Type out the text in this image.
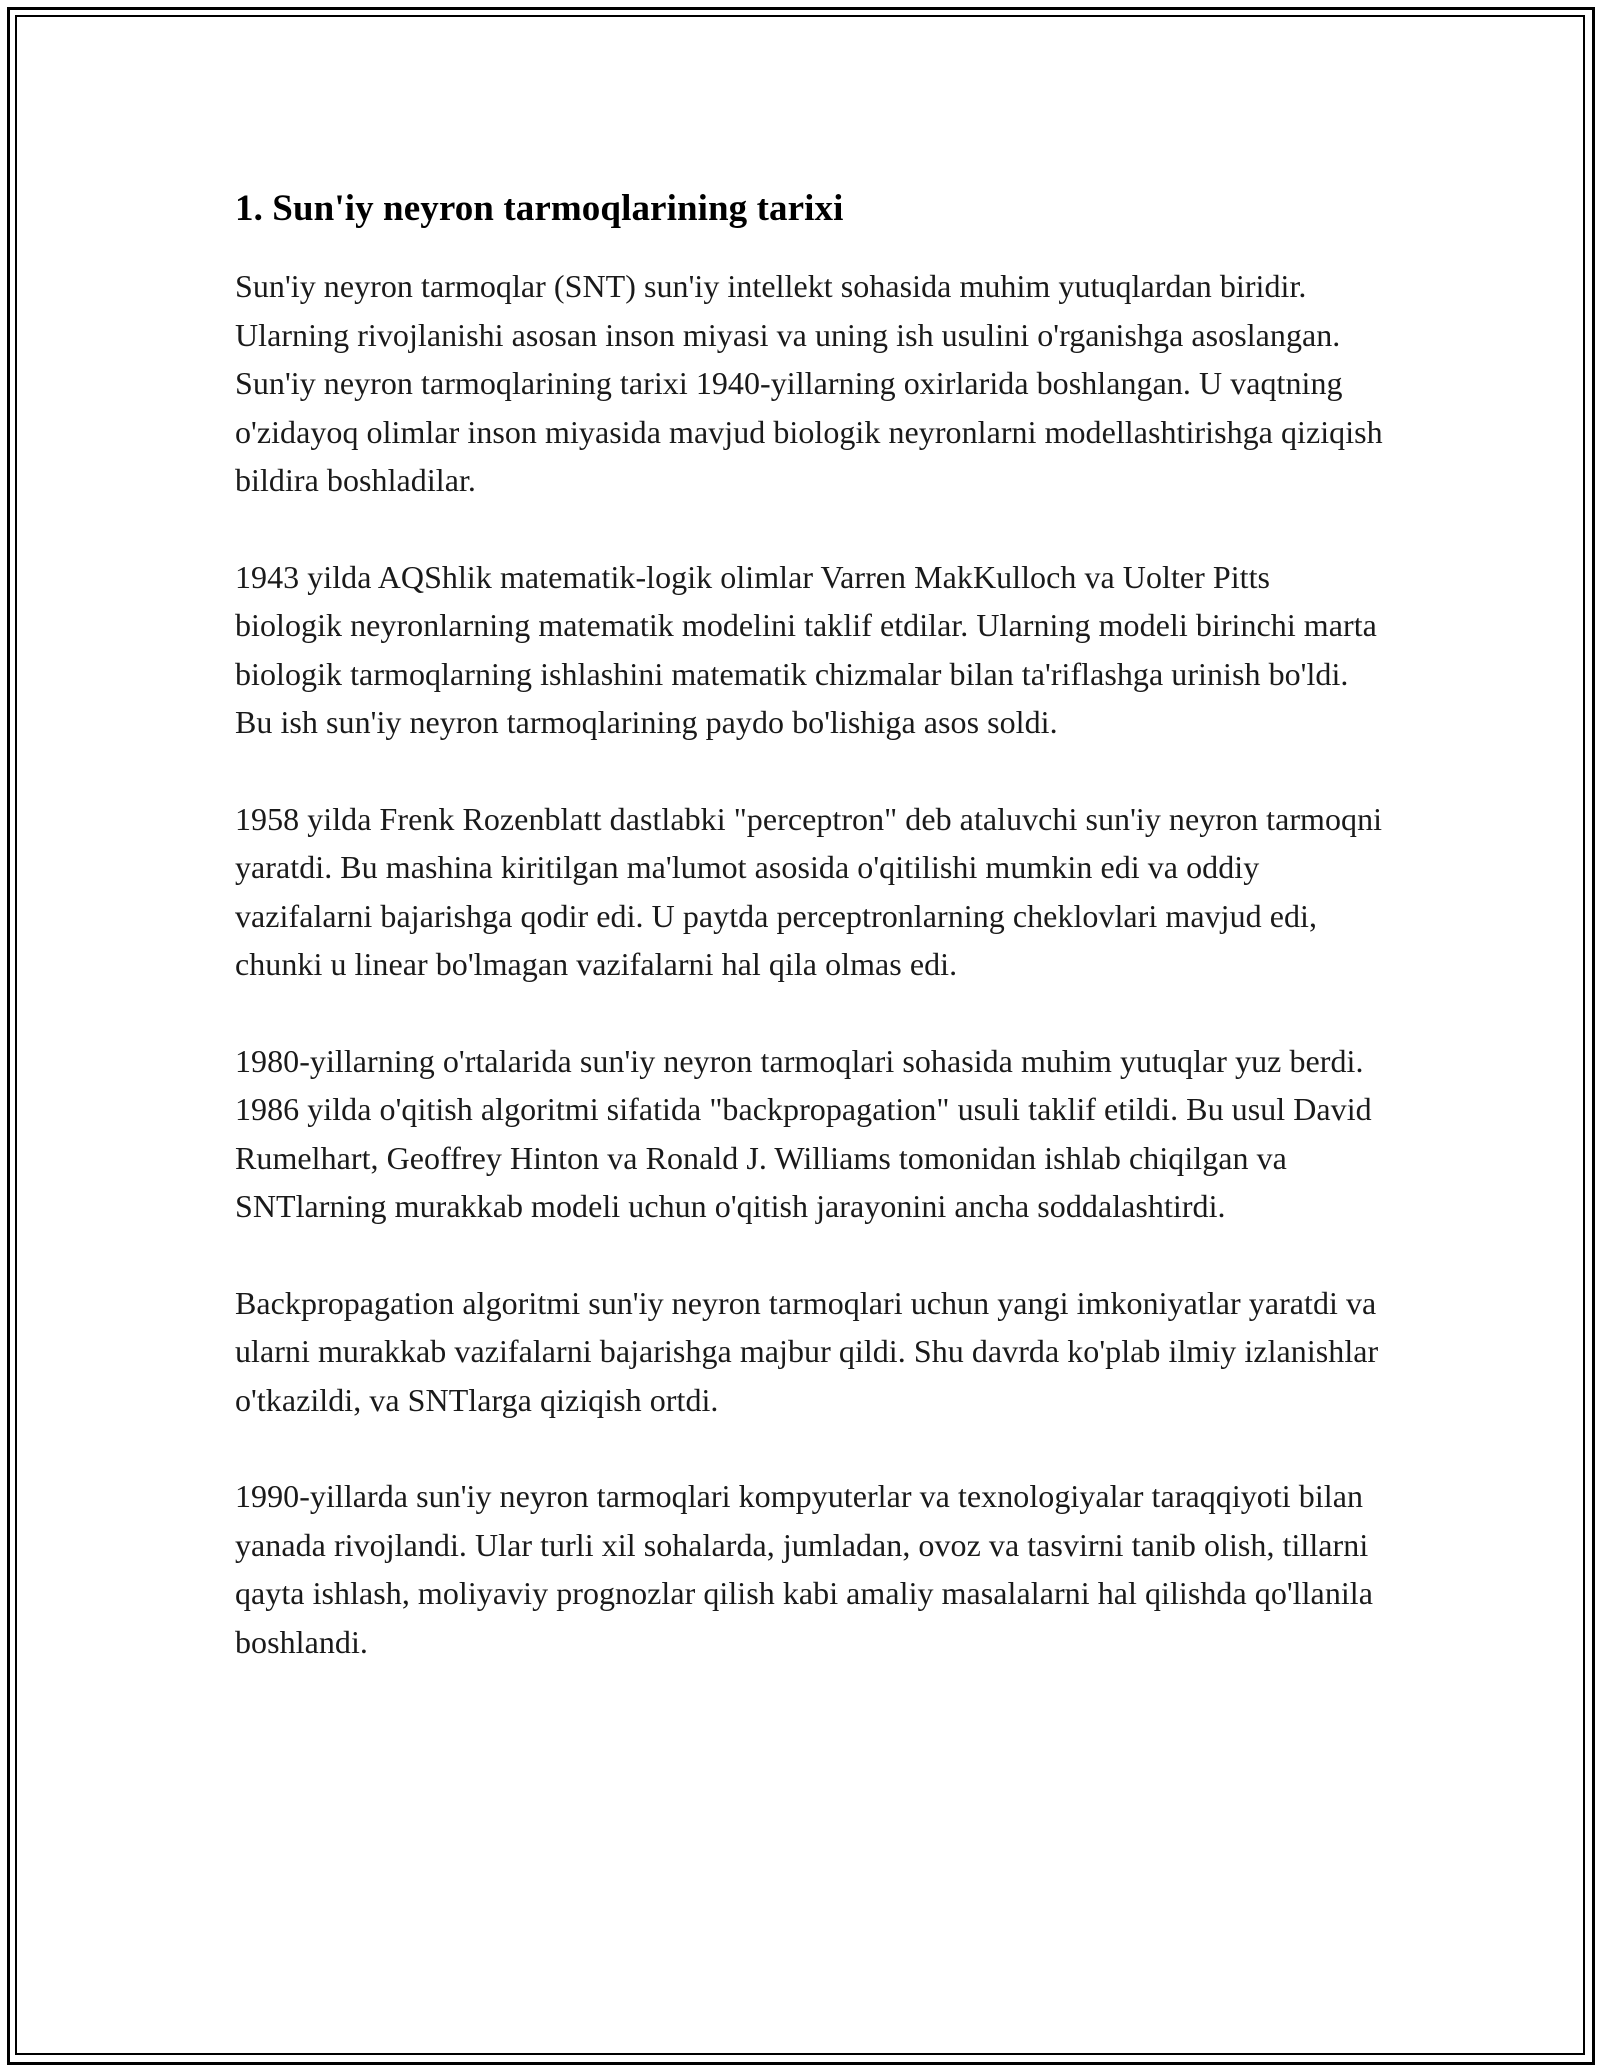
1. Sun'iy neyron tarmoqlarining tarixi

Sun'iy neyron tarmoqlar (SNT) sun'iy intellekt sohasida muhim yutuqlardan biridir. Ularning rivojlanishi asosan inson miyasi va uning ish usulini o'rganishga asoslangan. Sun'iy neyron tarmoqlarining tarixi 1940-yillarning oxirlarida boshlangan. U vaqtning o'zidayoq olimlar inson miyasida mavjud biologik neyronlarni modellashtirishga qiziqish bildira boshladilar.

1943 yilda AQShlik matematik-logik olimlar Varren MakKulloch va Uolter Pitts biologik neyronlarning matematik modelini taklif etdilar. Ularning modeli birinchi marta biologik tarmoqlarning ishlashini matematik chizmalar bilan ta'riflashga urinish bo'ldi. Bu ish sun'iy neyron tarmoqlarining paydo bo'lishiga asos soldi.

1958 yilda Frenk Rozenblatt dastlabki "perceptron" deb ataluvchi sun'iy neyron tarmoqni yaratdi. Bu mashina kiritilgan ma'lumot asosida o'qitilishi mumkin edi va oddiy vazifalarni bajarishga qodir edi. U paytda perceptronlarning cheklovlari mavjud edi, chunki u linear bo'lmagan vazifalarni hal qila olmas edi.

1980-yillarning o'rtalarida sun'iy neyron tarmoqlari sohasida muhim yutuqlar yuz berdi. 1986 yilda o'qitish algoritmi sifatida "backpropagation" usuli taklif etildi. Bu usul David Rumelhart, Geoffrey Hinton va Ronald J. Williams tomonidan ishlab chiqilgan va SNTlarning murakkab modeli uchun o'qitish jarayonini ancha soddalashtirdi.

Backpropagation algoritmi sun'iy neyron tarmoqlari uchun yangi imkoniyatlar yaratdi va ularni murakkab vazifalarni bajarishga majbur qildi. Shu davrda ko'plab ilmiy izlanishlar o'tkazildi, va SNTlarga qiziqish ortdi.

1990-yillarda sun'iy neyron tarmoqlari kompyuterlar va texnologiyalar taraqqiyoti bilan yanada rivojlandi. Ular turli xil sohalarda, jumladan, ovoz va tasvirni tanib olish, tillarni qayta ishlash, moliyaviy prognozlar qilish kabi amaliy masalalarni hal qilishda qo'llanila boshlandi.
